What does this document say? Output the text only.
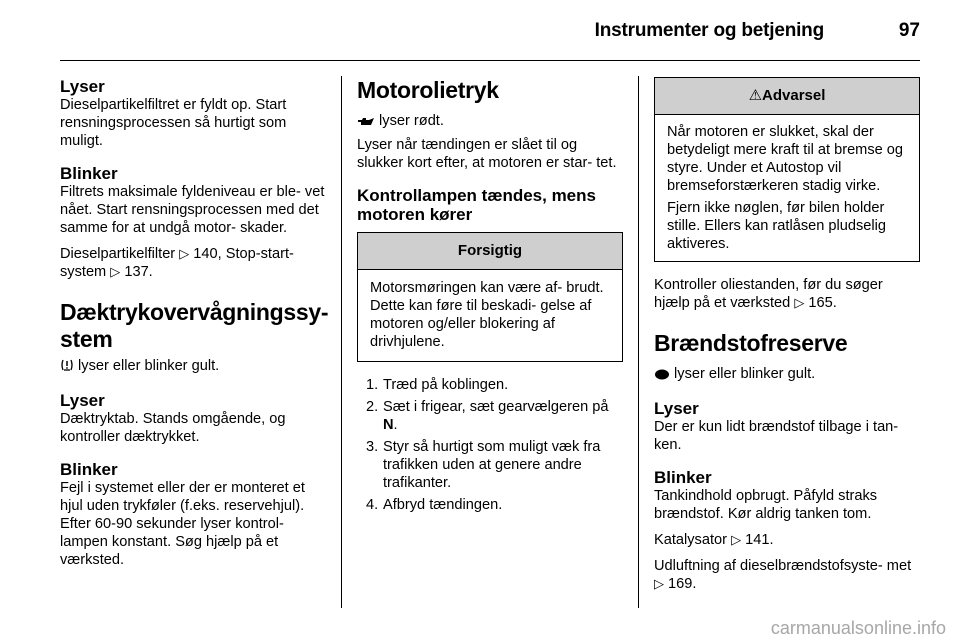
Instrumenter og betjening	97
Lyser
Dieselpartikelfiltret er fyldt op. Start rensningsprocessen så hurtigt som muligt.
Blinker
Filtrets maksimale fyldeniveau er ble- vet nået. Start rensningsprocessen med det samme for at undgå motor- skader.
Dieselpartikelfilter ▷ 140, Stop-start- system ▷ 137.
Dæktrykovervågningssy- stem
lyser eller blinker gult.
Lyser
Dæktryktab. Stands omgående, og kontroller dæktrykket.
Blinker
Fejl i systemet eller der er monteret et hjul uden trykføler (f.eks. reservehjul). Efter 60-90 sekunder lyser kontrol- lampen konstant. Søg hjælp på et værksted.
Motorolietryk
lyser rødt.
Lyser når tændingen er slået til og slukker kort efter, at motoren er star- tet.
Kontrollampen tændes, mens motoren kører
Forsigtig
Motorsmøringen kan være af- brudt. Dette kan føre til beskadi- gelse af motoren og/eller blokering af drivhjulene.
1. Træd på koblingen.
2. Sæt i frigear, sæt gearvælgeren på N.
3. Styr så hurtigt som muligt væk fra trafikken uden at genere andre trafikanter.
4. Afbryd tændingen.
⚠Advarsel
Når motoren er slukket, skal der betydeligt mere kraft til at bremse og styre. Under et Autostop vil bremseforstærkeren stadig virke.
Fjern ikke nøglen, før bilen holder stille. Ellers kan ratlåsen pludselig aktiveres.
Kontroller oliestanden, før du søger hjælp på et værksted ▷ 165.
Brændstofreserve
lyser eller blinker gult.
Lyser
Der er kun lidt brændstof tilbage i tan- ken.
Blinker
Tankindhold opbrugt. Påfyld straks brændstof. Kør aldrig tanken tom.
Katalysator ▷ 141.
Udluftning af dieselbrændstofsyste- met ▷ 169.
carmanualsonline.info
